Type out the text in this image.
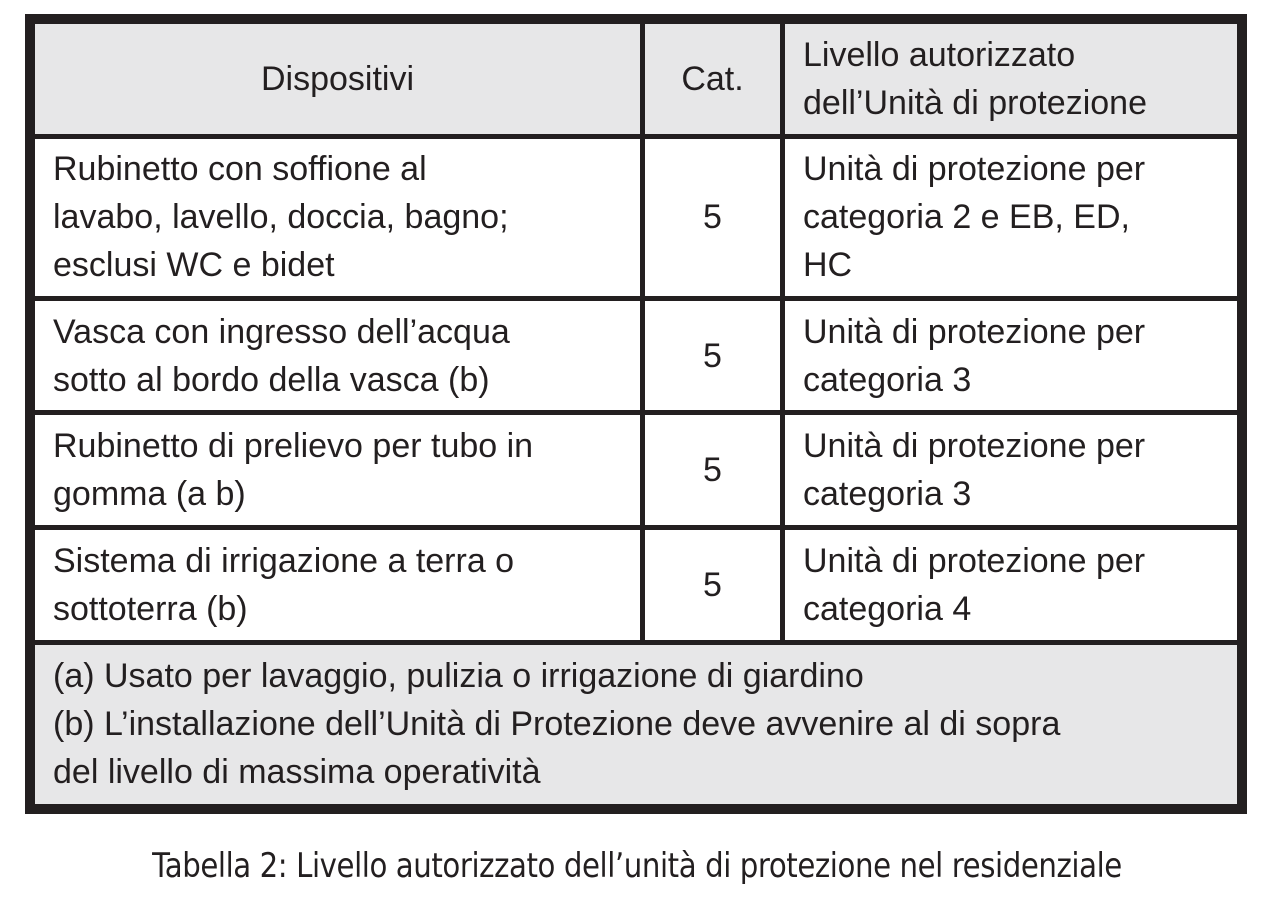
Dispositivi	Cat.	Livello autorizzato
dell’Unità di protezione

Rubinetto con soffione al
lavabo, lavello, doccia, bagno;
esclusi WC e bidet	5	Unità di protezione per
categoria 2 e EB, ED,
HC

Vasca con ingresso dell’acqua
sotto al bordo della vasca (b)	5	Unità di protezione per
categoria 3

Rubinetto di prelievo per tubo in
gomma (a b)	5	Unità di protezione per
categoria 3

Sistema di irrigazione a terra o
sottoterra (b)	5	Unità di protezione per
categoria 4

(a) Usato per lavaggio, pulizia o irrigazione di giardino
(b) L’installazione dell’Unità di Protezione deve avvenire al di sopra
del livello di massima operatività		
Tabella 2: Livello autorizzato dell’unità di protezione nel residenziale
